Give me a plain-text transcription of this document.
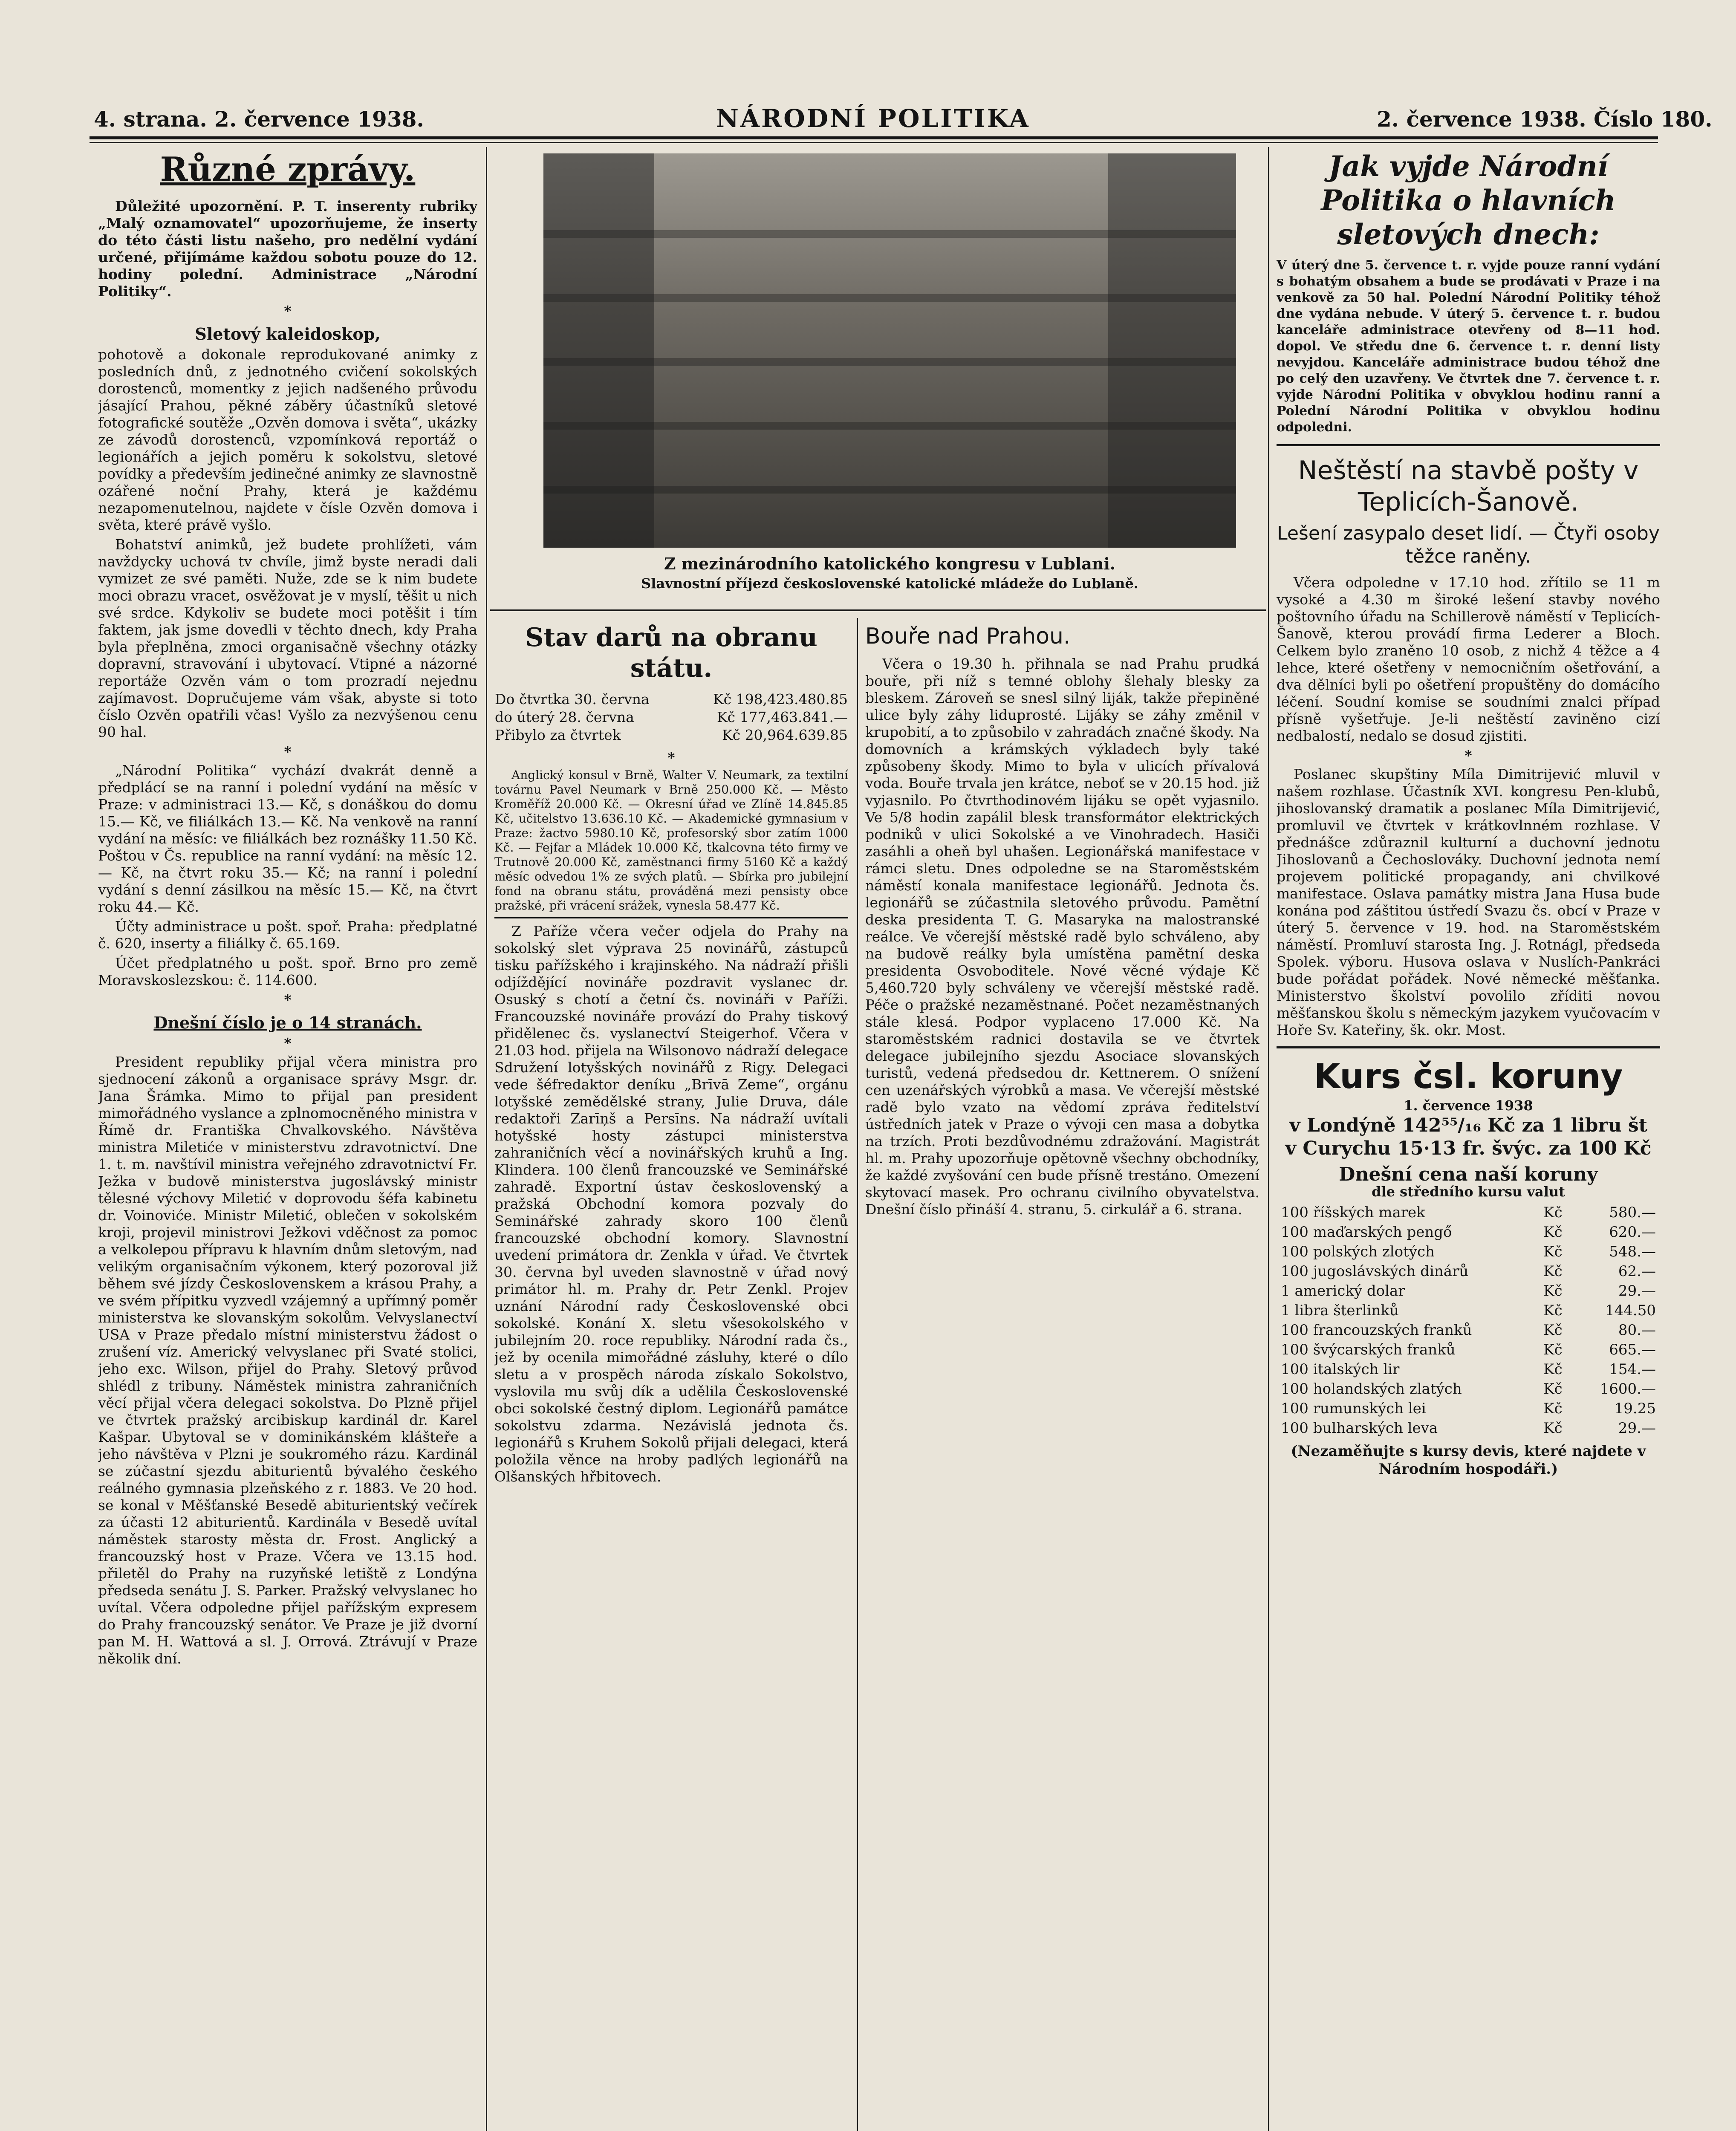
4. strana. 2. července 1938.	NÁRODNÍ POLITIKA	2. července 1938. Číslo 180.
Různé zprávy.

Důležité upozornění. P. T. inserenty rubriky „Malý oznamovatel“ upozorňujeme, že inserty do této části listu našeho, pro nedělní vydání určené, přijímáme každou sobotu pouze do 12. hodiny polední. Administrace „Národní Politiky“.

*
Sletový kaleidoskop,

pohotově a dokonale reprodukované animky z posledních dnů, z jednotného cvičení sokolských dorostenců, momentky z jejich nadšeného průvodu jásající Prahou, pěkné záběry účastníků sletové fotografické soutěže „Ozvěn domova i světa“, ukázky ze závodů dorostenců, vzpomínková reportáž o legionářích a jejich poměru k sokolstvu, sletové povídky a především jedinečné animky ze slavnostně ozářené noční Prahy, která je každému nezapomenutelnou, najdete v čísle Ozvěn domova i světa, které právě vyšlo.

Bohatství animků, jež budete prohlížeti, vám navždycky uchová tv chvíle, jimž byste neradi dali vymizet ze své paměti. Nuže, zde se k nim budete moci obrazu vracet, osvěžovat je v myslí, těšit u nich své srdce. Kdykoliv se budete moci potěšit i tím faktem, jak jsme dovedli v těchto dnech, kdy Praha byla přeplněna, zmoci organisačně všechny otázky dopravní, stravování i ubytovací. Vtipné a názorné reportáže Ozvěn vám o tom prozradí nejednu zajímavost. Dopručujeme vám však, abyste si toto číslo Ozvěn opatřili včas! Vyšlo za nezvýšenou cenu 90 hal.

*

„Národní Politika“ vychází dvakrát denně a předplácí se na ranní i polední vydání na měsíc v Praze: v administraci 13.— Kč, s donáškou do domu 15.— Kč, ve filiálkách 13.— Kč. Na venkově na ranní vydání na měsíc: ve filiálkách bez roznášky 11.50 Kč. Poštou v Čs. republice na ranní vydání: na měsíc 12.— Kč, na čtvrt roku 35.— Kč; na ranní i polední vydání s denní zásilkou na měsíc 15.— Kč, na čtvrt roku 44.— Kč.

Účty administrace u pošt. spoř. Praha: předplatné č. 620, inserty a filiálky č. 65.169.

Účet předplatného u pošt. spoř. Brno pro země Moravskoslezskou: č. 114.600.

*
Dnešní číslo je o 14 stranách.
*

President republiky přijal včera ministra pro sjednocení zákonů a organisace správy Msgr. dr. Jana Šrámka. Mimo to přijal pan president mimořádného vyslance a zplnomocněného ministra v Římě dr. Františka Chvalkovského. Návštěva ministra Miletiće v ministerstvu zdravotnictví. Dne 1. t. m. navštívil ministra veřejného zdravotnictví Fr. Ježka v budově ministerstva jugoslávský ministr tělesné výchovy Miletić v doprovodu šéfa kabinetu dr. Voinoviće. Ministr Miletić, oblečen v sokolském kroji, projevil ministrovi Ježkovi vděčnost za pomoc a velkolepou přípravu k hlavním dnům sletovým, nad velikým organisačním výkonem, který pozoroval již během své jízdy Československem a krásou Prahy, a ve svém přípitku vyzvedl vzájemný a upřímný poměr ministerstva ke slovanským sokolům. Velvyslanectví USA v Praze předalo místní ministerstvu žádost o zrušení víz. Americký velvyslanec při Svaté stolici, jeho exc. Wilson, přijel do Prahy. Sletový průvod shlédl z tribuny. Náměstek ministra zahraničních věcí přijal včera delegaci sokolstva. Do Plzně přijel ve čtvrtek pražský arcibiskup kardinál dr. Karel Kašpar. Ubytoval se v dominikánském klášteře a jeho návštěva v Plzni je soukromého rázu. Kardinál se zúčastní sjezdu abiturientů bývalého českého reálného gymnasia plzeňského z r. 1883. Ve 20 hod. se konal v Měšťanské Besedě abiturientský večírek za účasti 12 abiturientů. Kardinála v Besedě uvítal náměstek starosty města dr. Frost. Anglický a francouzský host v Praze. Včera ve 13.15 hod. přiletěl do Prahy na ruzyňské letiště z Londýna předseda senátu J. S. Parker. Pražský velvyslanec ho uvítal. Včera odpoledne přijel pařížským expresem do Prahy francouzský senátor. Ve Praze je již dvorní pan M. H. Wattová a sl. J. Orrová. Ztrávují v Praze několik dní.

Z mezinárodního katolického kongresu v Lublani.
Slavnostní příjezd československé katolické mládeže do Lublaně.
Stav darů na obranu státu.
Do čtvrtka 30. června	Kč 198,423.480.85
do úterý 28. června	Kč 177,463.841.—
Přibylo za čtvrtek	Kč 20,964.639.85
*

Anglický konsul v Brně, Walter V. Neumark, za textilní továrnu Pavel Neumark v Brně 250.000 Kč. — Město Kroměříž 20.000 Kč. — Okresní úřad ve Zlíně 14.845.85 Kč, učitelstvo 13.636.10 Kč. — Akademické gymnasium v Praze: žactvo 5980.10 Kč, profesorský sbor zatím 1000 Kč. — Fejfar a Mládek 10.000 Kč, tkalcovna této firmy ve Trutnově 20.000 Kč, zaměstnanci firmy 5160 Kč a každý měsíc odvedou 1% ze svých platů. — Sbírka pro jubilejní fond na obranu státu, prováděná mezi pensisty obce pražské, při vrácení srážek, vynesla 58.477 Kč.

Z Paříže včera večer odjela do Prahy na sokolský slet výprava 25 novinářů, zástupců tisku pařížského i krajinského. Na nádraží přišli odjíždějící novináře pozdravit vyslanec dr. Osuský s chotí a četní čs. novináři v Paříži. Francouzské novináře provází do Prahy tiskový přidělenec čs. vyslanectví Steigerhof. Včera v 21.03 hod. přijela na Wilsonovo nádraží delegace Sdružení lotyšských novinářů z Rigy. Delegaci vede šéfredaktor deníku „Brīvā Zeme“, orgánu lotyšské zemědělské strany, Julie Druva, dále redaktoři Zarīņš a Persīns. Na nádraží uvítali hotyšské hosty zástupci ministerstva zahraničních věcí a novinářských kruhů a Ing. Klindera. 100 členů francouzské ve Seminářské zahradě. Exportní ústav československý a pražská Obchodní komora pozvaly do Seminářské zahrady skoro 100 členů francouzské obchodní komory. Slavnostní uvedení primátora dr. Zenkla v úřad. Ve čtvrtek 30. června byl uveden slavnostně v úřad nový primátor hl. m. Prahy dr. Petr Zenkl. Projev uznání Národní rady Československé obci sokolské. Konání X. sletu všesokolského v jubilejním 20. roce republiky. Národní rada čs., jež by ocenila mimořádné zásluhy, které o dílo sletu a v prospěch národa získalo Sokolstvo, vyslovila mu svůj dík a udělila Československé obci sokolské čestný diplom. Legionářů památce sokolstvu zdarma. Nezávislá jednota čs. legionářů s Kruhem Sokolů přijali delegaci, která položila věnce na hroby padlých legionářů na Olšanských hřbitovech.

Bouře nad Prahou.

Včera o 19.30 h. přihnala se nad Prahu prudká bouře, při níž s temné oblohy šlehaly blesky za bleskem. Zároveň se snesl silný liják, takže přepiněné ulice byly záhy liduprosté. Lijáky se záhy změnil v krupobití, a to způsobilo v zahradách značné škody. Na domovních a krámských výkladech byly také způsobeny škody. Mimo to byla v ulicích přívalová voda. Bouře trvala jen krátce, neboť se v 20.15 hod. již vyjasnilo. Po čtvrthodinovém lijáku se opět vyjasnilo. Ve 5/8 hodin zapálil blesk transformátor elektrických podniků v ulici Sokolské a ve Vinohradech. Hasiči zasáhli a oheň byl uhašen. Legionářská manifestace v rámci sletu. Dnes odpoledne se na Staroměstském náměstí konala manifestace legionářů. Jednota čs. legionářů se zúčastnila sletového průvodu. Pamětní deska presidenta T. G. Masaryka na malostranské reálce. Ve včerejší městské radě bylo schváleno, aby na budově reálky byla umístěna pamětní deska presidenta Osvoboditele. Nové věcné výdaje Kč 5,460.720 byly schváleny ve včerejší městské radě. Péče o pražské nezaměstnané. Počet nezaměstnaných stále klesá. Podpor vyplaceno 17.000 Kč. Na staroměstském radnici dostavila se ve čtvrtek delegace jubilejního sjezdu Asociace slovanských turistů, vedená předsedou dr. Kettnerem. O snížení cen uzenářských výrobků a masa. Ve včerejší městské radě bylo vzato na vědomí zpráva ředitelství ústředních jatek v Praze o vývoji cen masa a dobytka na trzích. Proti bezdůvodnému zdražování. Magistrát hl. m. Prahy upozorňuje opětovně všechny obchodníky, že každé zvyšování cen bude přísně trestáno. Omezení skytovací masek. Pro ochranu civilního obyvatelstva. Dnešní číslo přináší 4. stranu, 5. cirkulář a 6. strana.

Jak vyjde Národní Politika o hlavních sletových dnech:

V úterý dne 5. července t. r. vyjde pouze ranní vydání s bohatým obsahem a bude se prodávati v Praze i na venkově za 50 hal. Polední Národní Politiky téhož dne vydána nebude. V úterý 5. července t. r. budou kanceláře administrace otevřeny od 8—11 hod. dopol. Ve středu dne 6. července t. r. denní listy nevyjdou. Kanceláře administrace budou téhož dne po celý den uzavřeny. Ve čtvrtek dne 7. července t. r. vyjde Národní Politika v obvyklou hodinu ranní a Polední Národní Politika v obvyklou hodinu odpoledni.

Neštěstí na stavbě pošty v Teplicích-Šanově.
Lešení zasypalo deset lidí. — Čtyři osoby těžce raněny.

Včera odpoledne v 17.10 hod. zřítilo se 11 m vysoké a 4.30 m široké lešení stavby nového poštovního úřadu na Schillerově náměstí v Teplicích-Šanově, kterou provádí firma Lederer a Bloch. Celkem bylo zraněno 10 osob, z nichž 4 těžce a 4 lehce, které ošetřeny v nemocničním ošetřování, a dva dělníci byli po ošetření propuštěny do domácího léčení. Soudní komise se soudními znalci případ přísně vyšetřuje. Je-li neštěstí zaviněno cizí nedbalostí, nedalo se dosud zjistiti.

*

Poslanec skupštiny Míla Dimitrijević mluvil v našem rozhlase. Účastník XVI. kongresu Pen-klubů, jihoslovanský dramatik a poslanec Míla Dimitrijević, promluvil ve čtvrtek v krátkovlnném rozhlase. V přednášce zdůraznil kulturní a duchovní jednotu Jihoslovanů a Čechoslováky. Duchovní jednota nemí projevem politické propagandy, ani chvilkové manifestace. Oslava památky mistra Jana Husa bude konána pod záštitou ústředí Svazu čs. obcí v Praze v úterý 5. července v 19. hod. na Staroměstském náměstí. Promluví starosta Ing. J. Rotnágl, předseda Spolek. výboru. Husova oslava v Nuslích-Pankráci bude pořádat pořádek. Nové německé měšťanka. Ministerstvo školství povolilo zříditi novou měšťanskou školu s německým jazykem vyučovacím v Hoře Sv. Kateřiny, šk. okr. Most.

Kurs čsl. koruny
1. července 1938
v Londýně 142⁵⁵/₁₆ Kč za 1 libru št
v Curychu 15·13 fr. švýc. za 100 Kč
Dnešní cena naší koruny
dle středního kursu valut
100 říšských marek	Kč	580.—
100 maďarských pengő	Kč	620.—
100 polských zlotých	Kč	548.—
100 jugoslávských dinárů	Kč	62.—
1 americký dolar	Kč	29.—
1 libra šterlinků	Kč	144.50
100 francouzských franků	Kč	80.—
100 švýcarských franků	Kč	665.—
100 italských lir	Kč	154.—
100 holandských zlatých	Kč	1600.—
100 rumunských lei	Kč	19.25
100 bulharských leva	Kč	29.—
(Nezaměňujte s kursy devis, které najdete v Národním hospodáři.)
